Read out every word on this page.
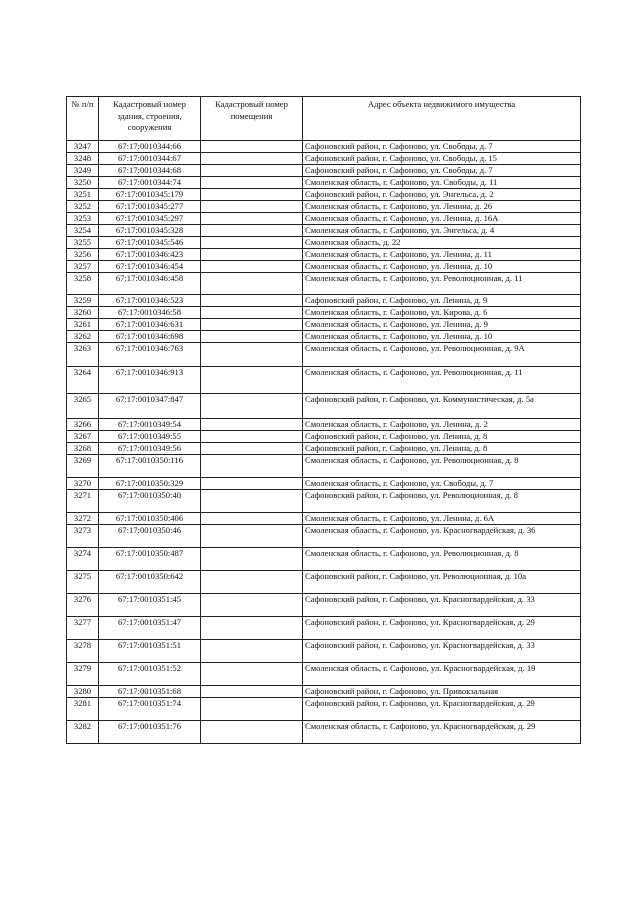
№ п/п	Кадастровый номер здания, строения, сооружения	Кадастровый номер помещения	Адрес объекта недвижимого имущества
3247	67:17:0010344:66		Сафоновский район, г. Сафоново, ул. Свободы, д. 7
3248	67:17:0010344:67		Сафоновский район, г. Сафоново, ул. Свободы, д. 15
3249	67:17:0010344:68		Сафоновский район, г. Сафоново, ул. Свободы, д. 7
3250	67:17:0010344:74		Смоленская область, г. Сафоново, ул. Свободы, д. 11
3251	67:17:0010345:179		Сафоновский район, г. Сафоново, ул. Энгельса, д. 2
3252	67:17:0010345:277		Смоленская область, г. Сафоново, ул. Ленина, д. 26
3253	67:17:0010345:297		Смоленская область, г. Сафоново, ул. Ленина, д. 16А
3254	67:17:0010345:328		Смоленская область, г. Сафоново, ул. Энгельса, д. 4
3255	67:17:0010345:546		Смоленская область, д. 22
3256	67:17:0010346:423		Смоленская область, г. Сафоново, ул. Ленина, д. 11
3257	67:17:0010346:454		Смоленская область, г. Сафоново, ул. Ленина, д. 10
3258	67:17:0010346:458		Смоленская область, г. Сафоново, ул. Революционная, д. 11
3259	67:17:0010346:523		Сафоновский район, г. Сафоново, ул. Ленина, д. 9
3260	67:17:0010346:58		Смоленская область, г. Сафоново, ул. Кирова, д. 6
3261	67:17:0010346:631		Смоленская область, г. Сафоново, ул. Ленина, д. 9
3262	67:17:0010346:698		Смоленская область, г. Сафоново, ул. Ленина, д. 10
3263	67:17:0010346:763		Смоленская область, г. Сафоново, ул. Революционная, д. 9А
3264	67:17:0010346:913		Смоленская область, г. Сафоново, ул. Революционная, д. 11
3265	67:17:0010347:847		Сафоновский район, г. Сафоново, ул. Коммунистическая, д. 5а
3266	67:17:0010349:54		Смоленская область, г. Сафоново, ул. Ленина, д. 2
3267	67:17:0010349:55		Сафоновский район, г. Сафоново, ул. Ленина, д. 8
3268	67:17:0010349:56		Сафоновский район, г. Сафоново, ул. Ленина, д. 8
3269	67:17:0010350:116		Смоленская область, г. Сафоново, ул. Революционная, д. 8
3270	67:17:0010350:329		Смоленская область, г. Сафоново, ул. Свободы, д. 7
3271	67:17:0010350:40		Сафоновский район, г. Сафоново, ул. Революционная, д. 8
3272	67:17:0010350:406		Смоленская область, г. Сафоново, ул. Ленина, д. 6А
3273	67:17:0010350:46		Смоленская область, г. Сафоново, ул. Красногвардейская, д. 36
3274	67:17:0010350:487		Смоленская область, г. Сафоново, ул. Революционная, д. 8
3275	67:17:0010350:642		Сафоновский район, г. Сафоново, ул. Революционная, д. 10а
3276	67:17:0010351:45		Сафоновский район, г. Сафоново, ул. Красногвардейская, д. 33
3277	67:17:0010351:47		Сафоновский район, г. Сафоново, ул. Красногвардейская, д. 29
3278	67:17:0010351:51		Сафоновский район, г. Сафоново, ул. Красногвардейская, д. 33
3279	67:17:0010351:52		Смоленская область, г. Сафоново, ул. Красногвардейская, д. 19
3280	67:17:0010351:68		Сафоновский район, г. Сафоново, ул. Привокзальная
3281	67:17:0010351:74		Сафоновский район, г. Сафоново, ул. Красногвардейская, д. 29
3282	67:17:0010351:76		Смоленская область, г. Сафоново, ул. Красногвардейская, д. 29
